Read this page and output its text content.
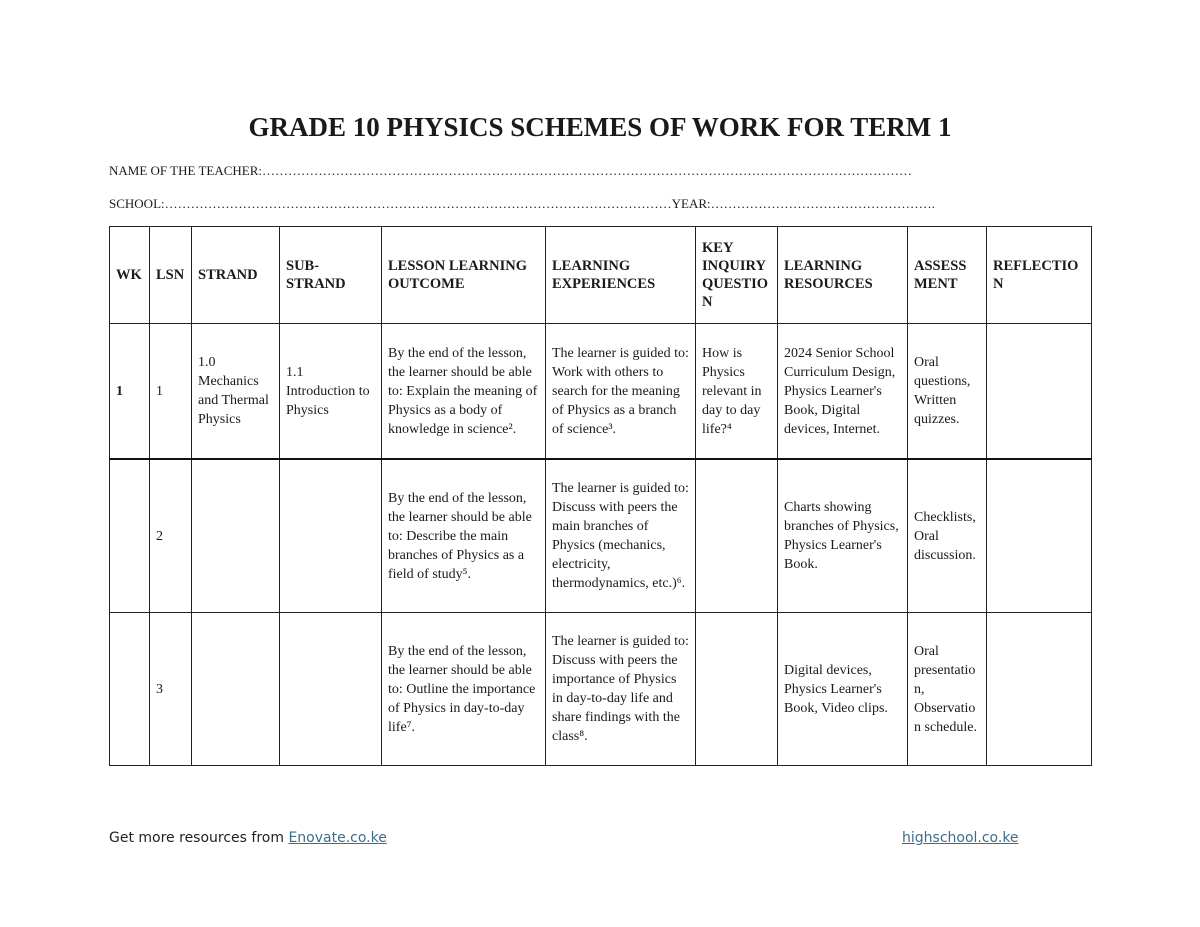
GRADE 10 PHYSICS SCHEMES OF WORK FOR TERM 1
NAME OF THE TEACHER:……………………………………………………………………………………………………………………………………
SCHOOL:………………………………………………………………………………………………………YEAR:…………………………………………….
WK	LSN	STRAND	SUB-STRAND	LESSON LEARNING OUTCOME	LEARNING EXPERIENCES	KEY INQUIRY QUESTION	LEARNING RESOURCES	ASSESSMENT	REFLECTION
1	1	1.0 Mechanics and Thermal Physics	1.1 Introduction to Physics	By the end of the lesson, the learner should be able to: Explain the meaning of Physics as a body of knowledge in science².	The learner is guided to: Work with others to search for the meaning of Physics as a branch of science³.	How is Physics relevant in day to day life?⁴	2024 Senior School Curriculum Design, Physics Learner's Book, Digital devices, Internet.	Oral questions, Written quizzes.	
	2			By the end of the lesson, the learner should be able to: Describe the main branches of Physics as a field of study⁵.	The learner is guided to: Discuss with peers the main branches of Physics (mechanics, electricity, thermodynamics, etc.)⁶.		Charts showing branches of Physics, Physics Learner's Book.	Checklists, Oral discussion.	
	3			By the end of the lesson, the learner should be able to: Outline the importance of Physics in day-to-day life⁷.	The learner is guided to: Discuss with peers the importance of Physics in day-to-day life and share findings with the class⁸.		Digital devices, Physics Learner's Book, Video clips.	Oral presentation, Observation schedule.	
Get more resources from Enovate.co.ke	highschool.co.ke
